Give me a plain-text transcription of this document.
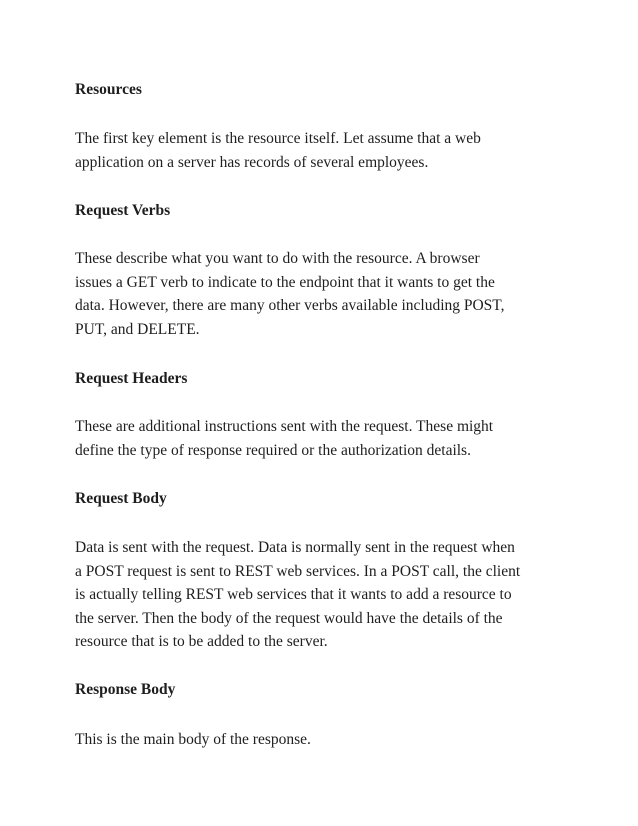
Resources

The first key element is the resource itself. Let assume that a web
application on a server has records of several employees.

Request Verbs

These describe what you want to do with the resource. A browser
issues a GET verb to indicate to the endpoint that it wants to get the
data. However, there are many other verbs available including POST,
PUT, and DELETE.

Request Headers

These are additional instructions sent with the request. These might
define the type of response required or the authorization details.

Request Body

Data is sent with the request. Data is normally sent in the request when
a POST request is sent to REST web services. In a POST call, the client
is actually telling REST web services that it wants to add a resource to
the server. Then the body of the request would have the details of the
resource that is to be added to the server.

Response Body

This is the main body of the response.
